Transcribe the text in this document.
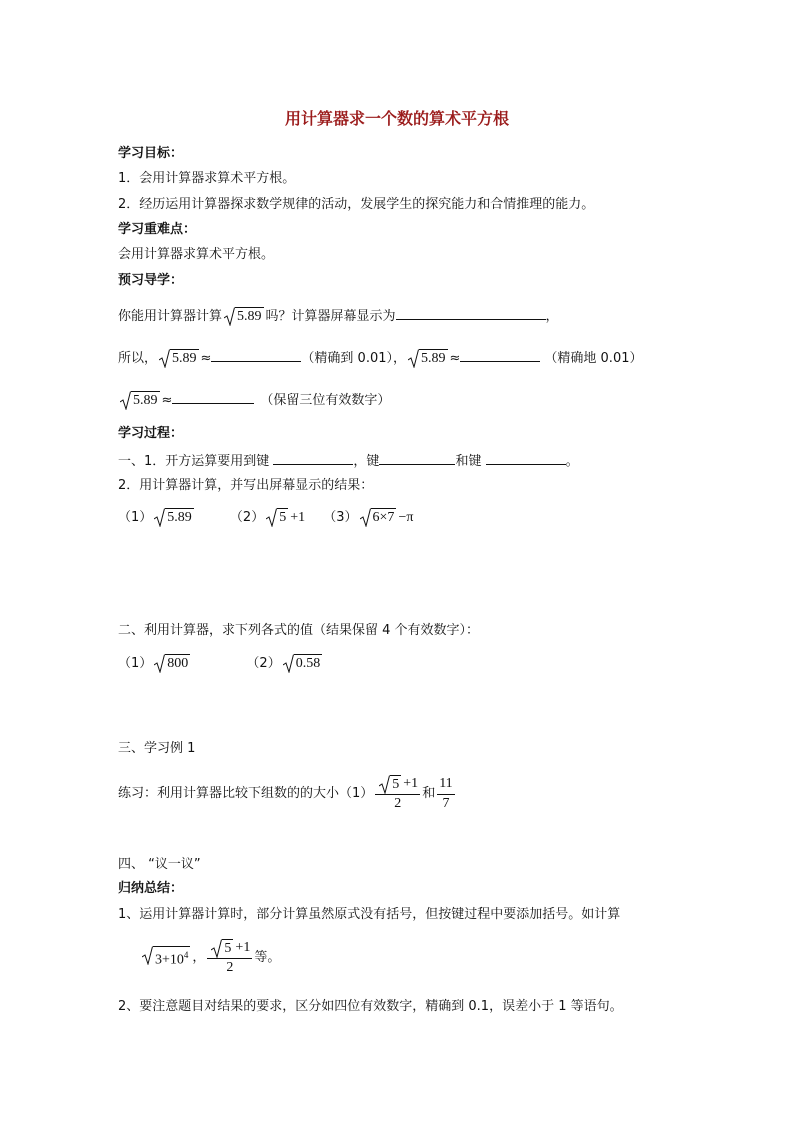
用计算器求一个数的算术平方根
学习目标：
1．会用计算器求算术平方根。
2．经历运用计算器探求数学规律的活动，发展学生的探究能力和合情推理的能力。
学习重难点：
会用计算器求算术平方根。
预习导学：
你能用计算器计算 5.89 吗？计算器屏幕显示为	，
所以， 5.89 ≈	（精确到 0.01）， 5.89 ≈	（精确地 0.01）
5.89 ≈	（保留三位有效数字）
学习过程：
一、1．开方运算要用到键	，键	和键	。
2．用计算器计算，并写出屏幕显示的结果：
（1） 5.89	（2） 5 +1 （3） 6×7 −π
二、利用计算器，求下列各式的值（结果保留 4 个有效数字）：
（1） 800	（2） 0.58
三、学习例 1
练习：利用计算器比较下组数的的大小$(1) \frac{5 +1}{2}$ 和 $\frac{11}{7}$
四、 “议一议”
归纳总结：
1、运用计算器计算时，部分计算虽然原式没有括号，但按键过程中要添加括号。如计算
$3+10^4$ ， $\frac{5 +1}{2}$ 等。
2、要注意题目对结果的要求，区分如四位有效数字，精确到 0.1，误差小于 1 等语句。
